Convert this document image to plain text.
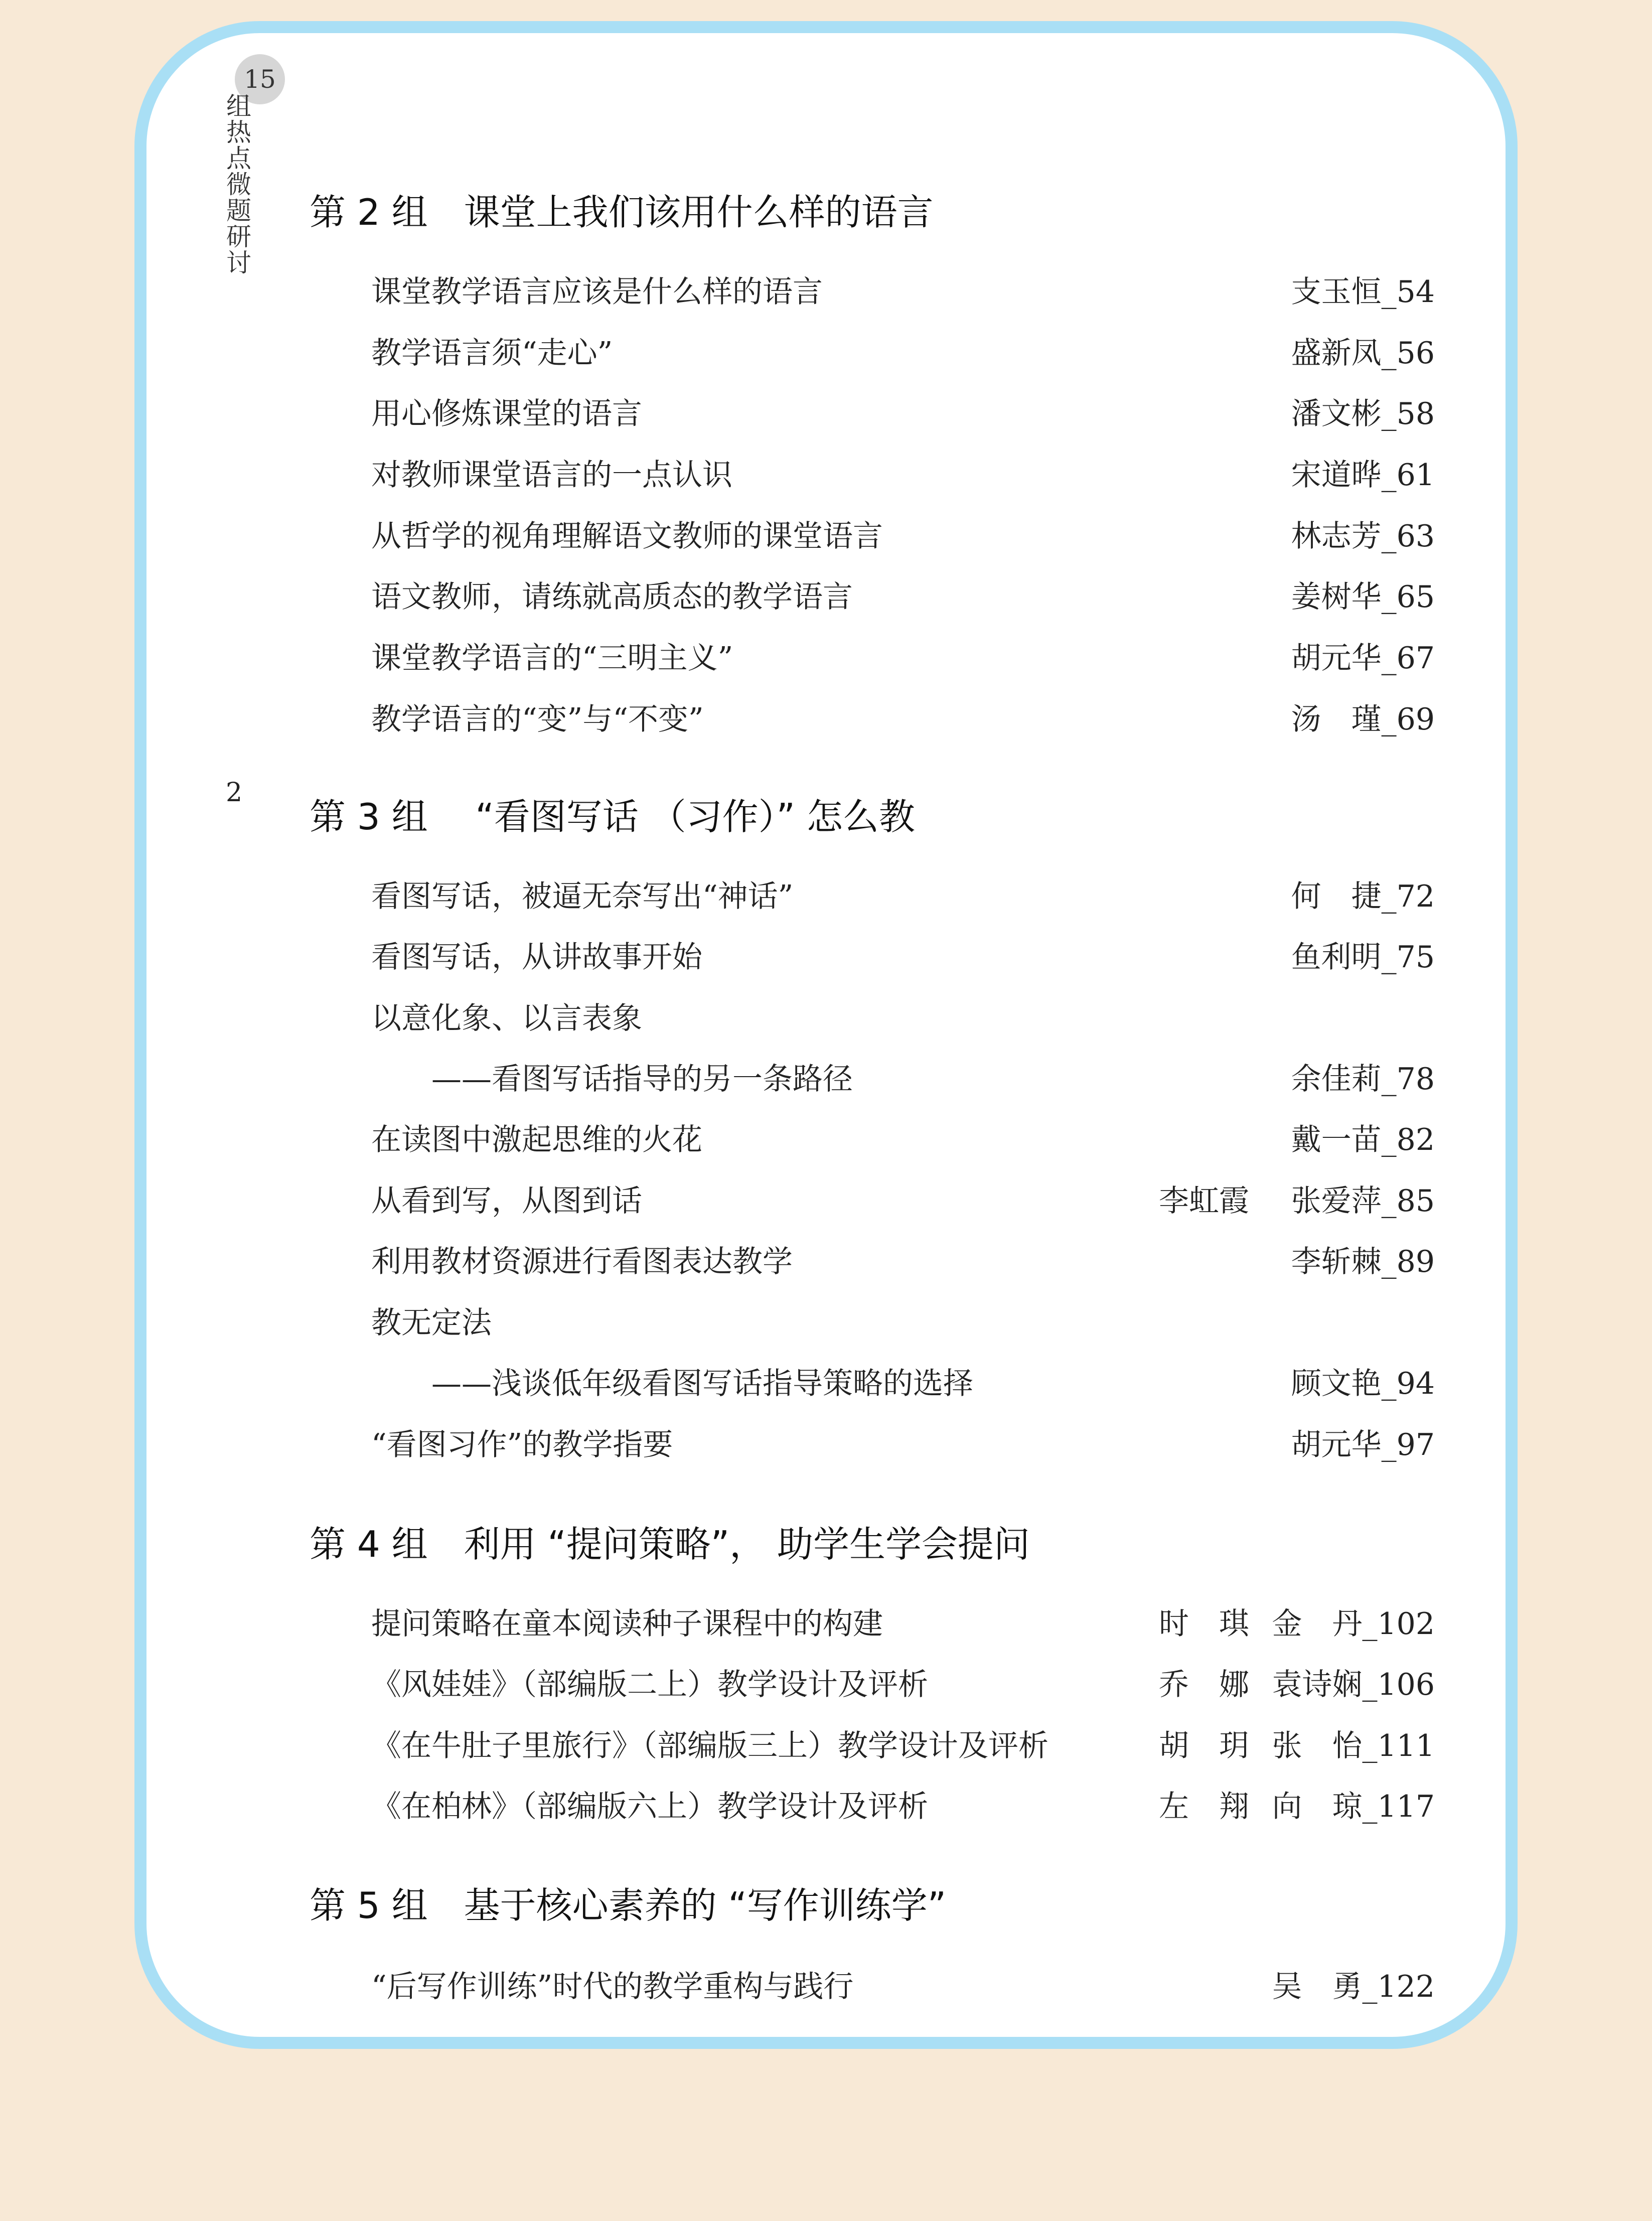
15
组热点微题研讨
2
第 2 组　课堂上我们该用什么样的语言
课堂教学语言应该是什么样的语言	支玉恒_54
教学语言须“走心”	盛新凤_56
用心修炼课堂的语言	潘文彬_58
对教师课堂语言的一点认识	宋道晔_61
从哲学的视角理解语文教师的课堂语言	林志芳_63
语文教师，请练就高质态的教学语言	姜树华_65
课堂教学语言的“三明主义”	胡元华_67
教学语言的“变”与“不变”	汤　瑾_69
第 3 组　 “看图写话 （习作）” 怎么教
看图写话，被逼无奈写出“神话”	何　捷_72
看图写话，从讲故事开始	鱼利明_75
以意化象、以言表象
——看图写话指导的另一条路径	余佳莉_78
在读图中激起思维的火花	戴一苗_82
从看到写，从图到话	李虹霞 张爱萍_85
利用教材资源进行看图表达教学	李斩棘_89
教无定法
——浅谈低年级看图写话指导策略的选择	顾文艳_94
“看图习作”的教学指要	胡元华_97
第 4 组　利用 “提问策略”， 助学生学会提问
提问策略在童本阅读种子课程中的构建	时　琪 金　丹_102
《风娃娃》（部编版二上）教学设计及评析	乔　娜 袁诗娴_106
《在牛肚子里旅行》（部编版三上）教学设计及评析	胡　玥 张　怡_111
《在柏林》（部编版六上）教学设计及评析	左　翔 向　琼_117
第 5 组　基于核心素养的 “写作训练学”
“后写作训练”时代的教学重构与践行	吴　勇_122
